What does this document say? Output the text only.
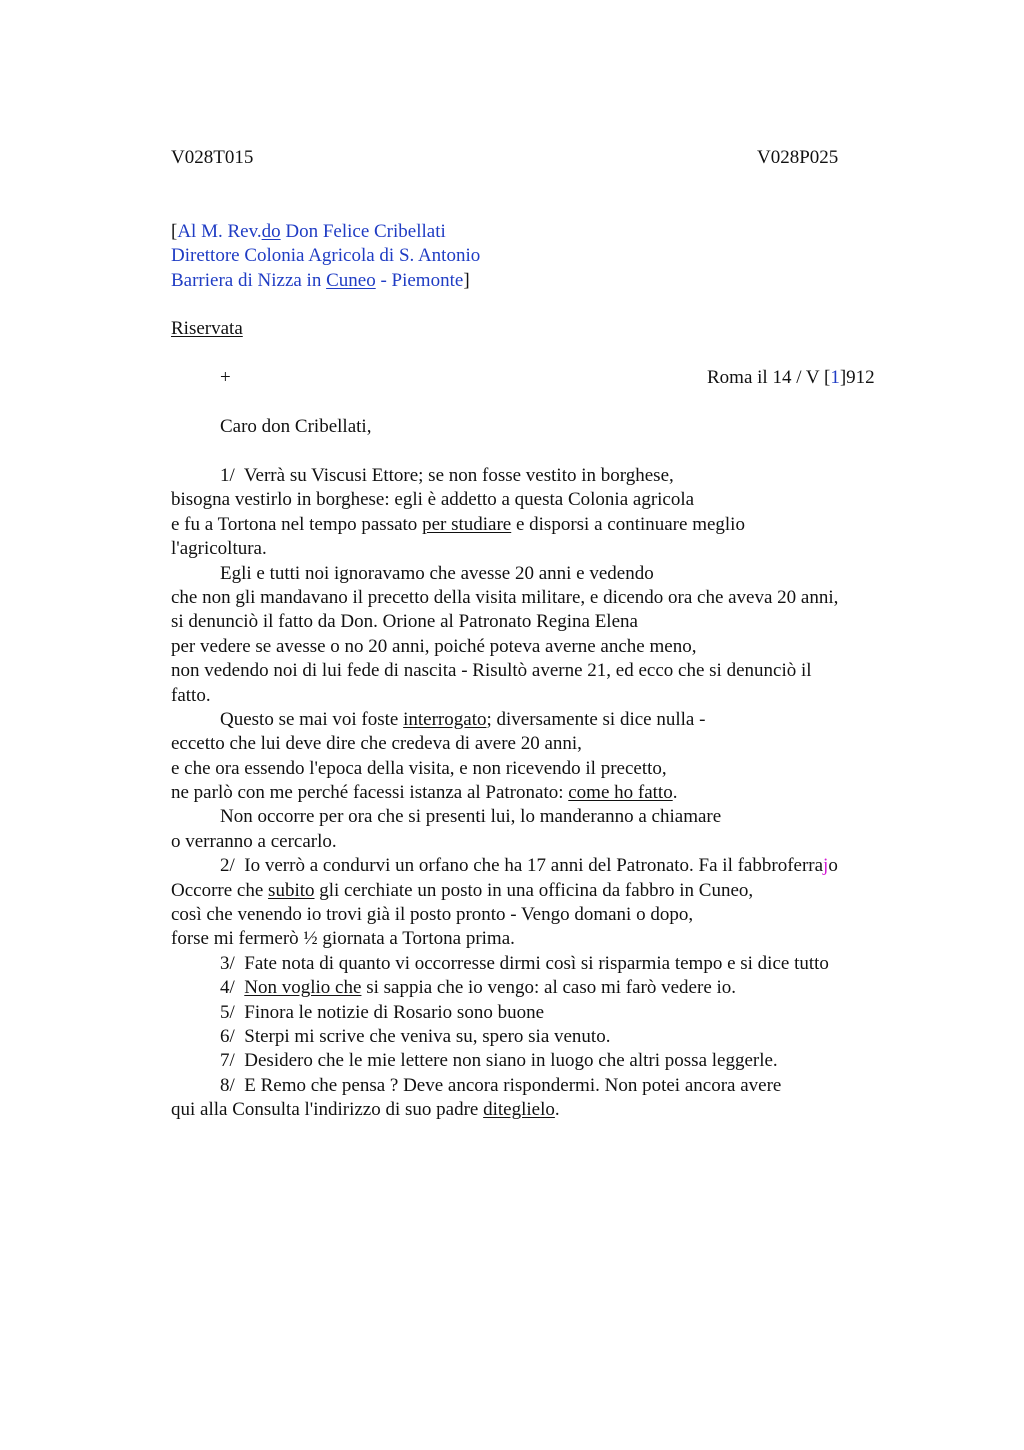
V028T015	V028P025
[Al M. Rev.do Don Felice Cribellati
Direttore Colonia Agricola di S. Antonio
Barriera di Nizza in Cuneo - Piemonte]
Riservata
+	Roma il 14 / V [1]912
Caro don Cribellati,
1/  Verrà su Viscusi Ettore; se non fosse vestito in borghese,
bisogna vestirlo in borghese: egli è addetto a questa Colonia agricola
e fu a Tortona nel tempo passato per studiare e disporsi a continuare meglio
l'agricoltura.
Egli e tutti noi ignoravamo che avesse 20 anni e vedendo
che non gli mandavano il precetto della visita militare, e dicendo ora che aveva 20 anni,
si denunciò il fatto da Don. Orione al Patronato Regina Elena
per vedere se avesse o no 20 anni, poiché poteva averne anche meno,
non vedendo noi di lui fede di nascita - Risultò averne 21, ed ecco che si denunciò il
fatto.
Questo se mai voi foste interrogato; diversamente si dice nulla -
eccetto che lui deve dire che credeva di avere 20 anni,
e che ora essendo l'epoca della visita, e non ricevendo il precetto,
ne parlò con me perché facessi istanza al Patronato: come ho fatto.
Non occorre per ora che si presenti lui, lo manderanno a chiamare
o verranno a cercarlo.
2/  Io verrò a condurvi un orfano che ha 17 anni del Patronato. Fa il fabbroferrajo
Occorre che subito gli cerchiate un posto in una officina da fabbro in Cuneo,
così che venendo io trovi già il posto pronto - Vengo domani o dopo,
forse mi fermerò ½ giornata a Tortona prima.
3/  Fate nota di quanto vi occorresse dirmi così si risparmia tempo e si dice tutto
4/  Non voglio che si sappia che io vengo: al caso mi farò vedere io.
5/  Finora le notizie di Rosario sono buone
6/  Sterpi mi scrive che veniva su, spero sia venuto.
7/  Desidero che le mie lettere non siano in luogo che altri possa leggerle.
8/  E Remo che pensa ? Deve ancora rispondermi. Non potei ancora avere
qui alla Consulta l'indirizzo di suo padre diteglielo.
